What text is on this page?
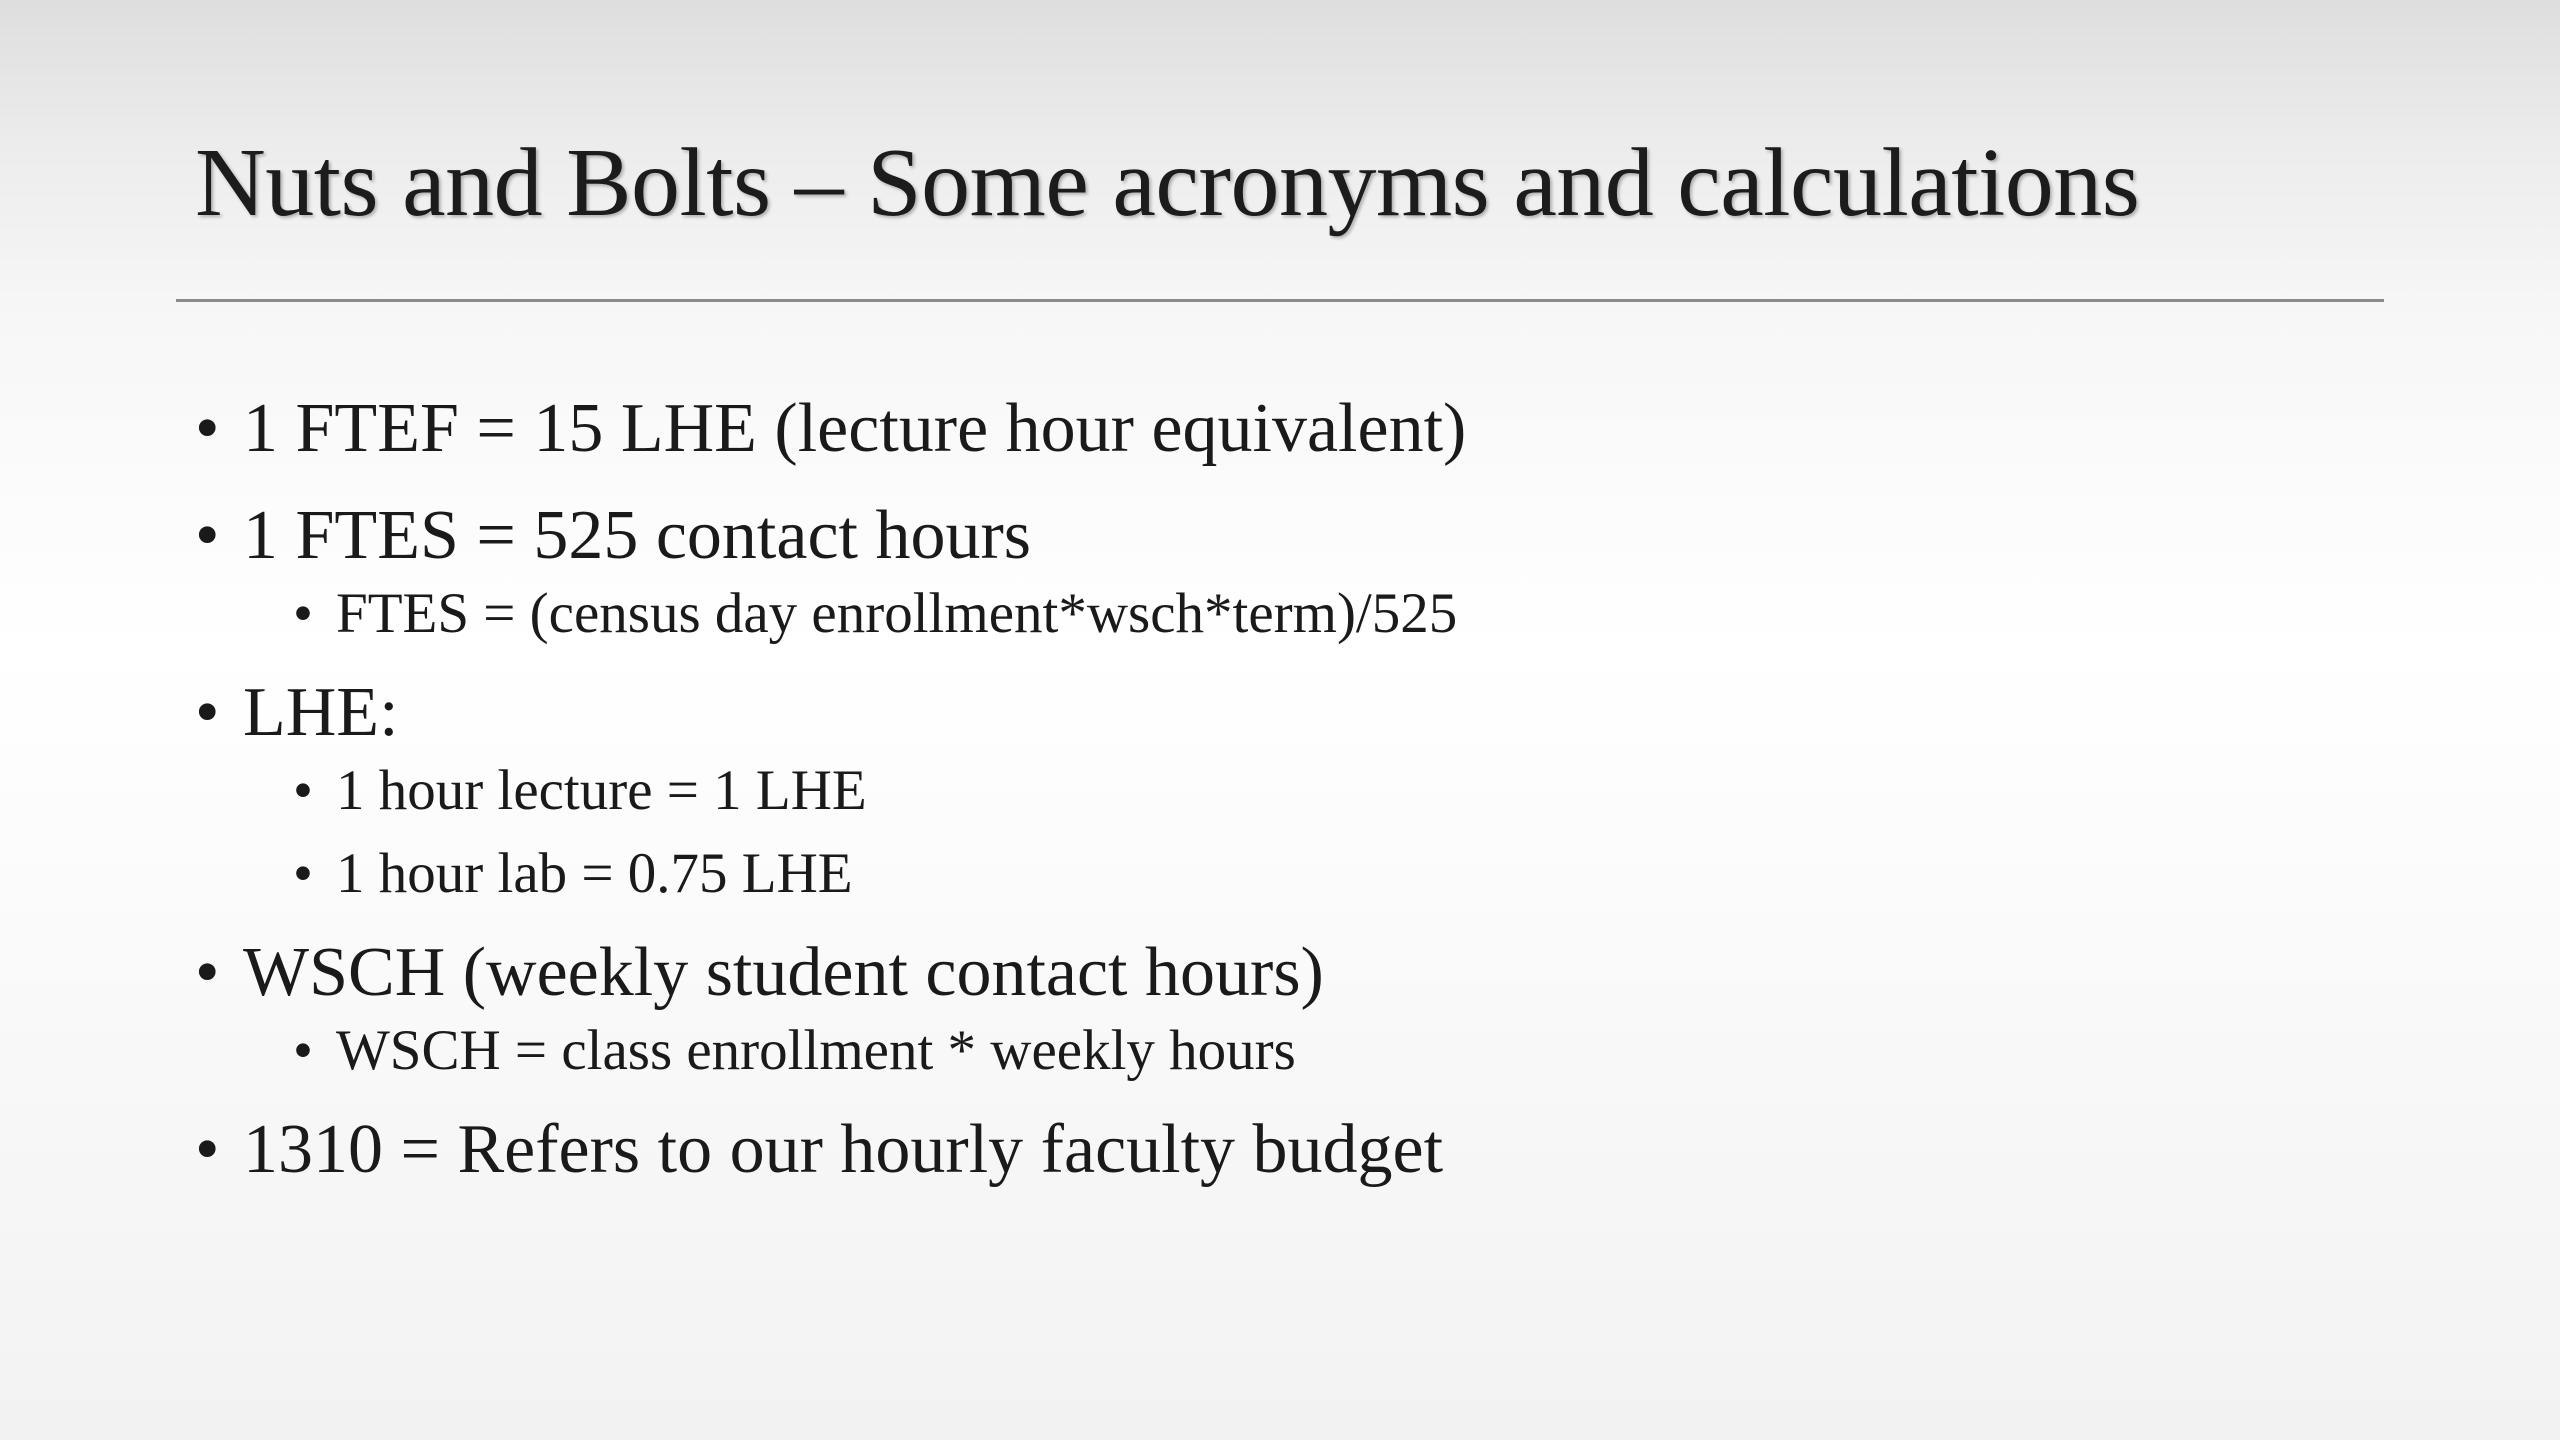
Nuts and Bolts – Some acronyms and calculations
• 1 FTEF = 15 LHE (lecture hour equivalent)
• 1 FTES = 525 contact hours
• FTES = (census day enrollment*wsch*term)/525
• LHE:
• 1 hour lecture = 1 LHE
• 1 hour lab = 0.75 LHE
• WSCH (weekly student contact hours)
• WSCH = class enrollment * weekly hours
• 1310 = Refers to our hourly faculty budget
